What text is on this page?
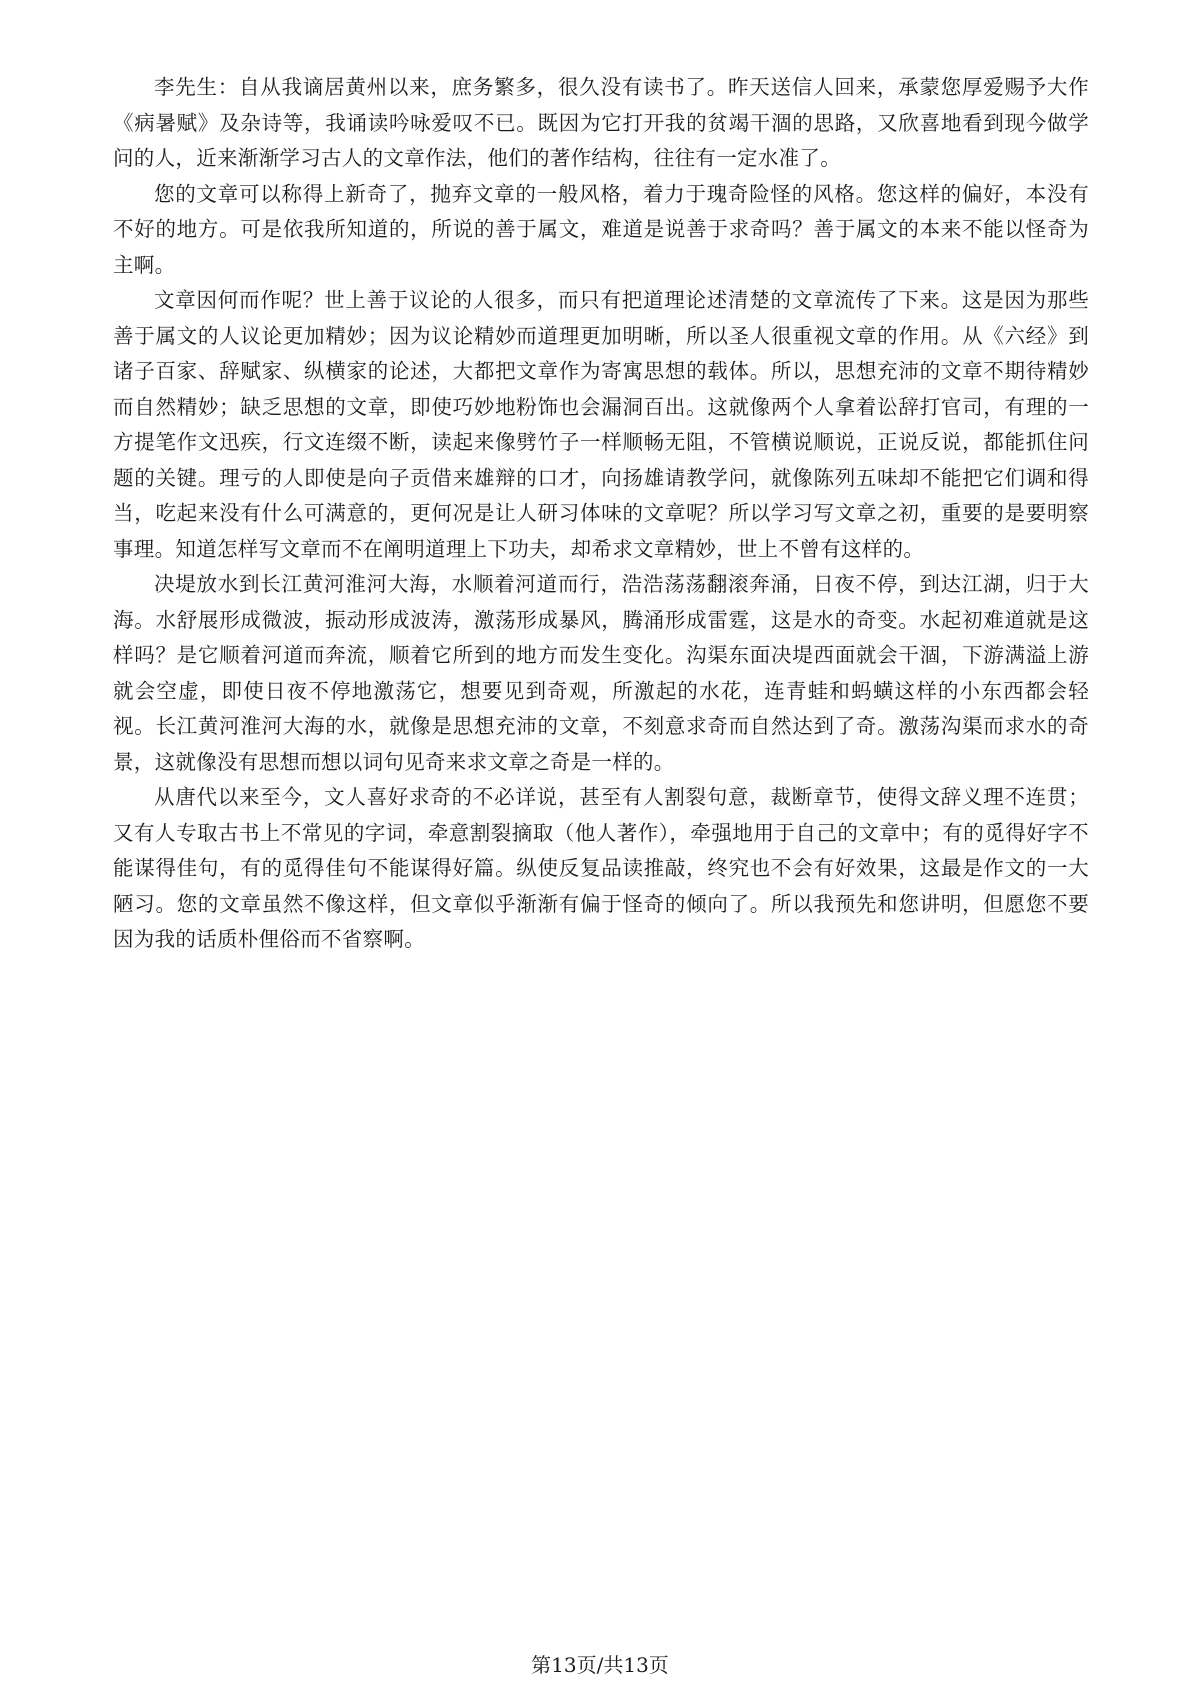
李先生：自从我谪居黄州以来，庶务繁多，很久没有读书了。昨天送信人回来，承蒙您厚爱赐予大作《病暑赋》及杂诗等，我诵读吟咏爱叹不已。既因为它打开我的贫竭干涸的思路，又欣喜地看到现今做学问的人，近来渐渐学习古人的文章作法，他们的著作结构，往往有一定水准了。

您的文章可以称得上新奇了，抛弃文章的一般风格，着力于瑰奇险怪的风格。您这样的偏好，本没有不好的地方。可是依我所知道的，所说的善于属文，难道是说善于求奇吗？善于属文的本来不能以怪奇为主啊。

文章因何而作呢？世上善于议论的人很多，而只有把道理论述清楚的文章流传了下来。这是因为那些善于属文的人议论更加精妙；因为议论精妙而道理更加明晰，所以圣人很重视文章的作用。从《六经》到诸子百家、辞赋家、纵横家的论述，大都把文章作为寄寓思想的载体。所以，思想充沛的文章不期待精妙而自然精妙；缺乏思想的文章，即使巧妙地粉饰也会漏洞百出。这就像两个人拿着讼辞打官司，有理的一方提笔作文迅疾，行文连缀不断，读起来像劈竹子一样顺畅无阻，不管横说顺说，正说反说，都能抓住问题的关键。理亏的人即使是向子贡借来雄辩的口才，向扬雄请教学问，就像陈列五味却不能把它们调和得当，吃起来没有什么可满意的，更何况是让人研习体味的文章呢？所以学习写文章之初，重要的是要明察事理。知道怎样写文章而不在阐明道理上下功夫，却希求文章精妙，世上不曾有这样的。

决堤放水到长江黄河淮河大海，水顺着河道而行，浩浩荡荡翻滚奔涌，日夜不停，到达江湖，归于大海。水舒展形成微波，振动形成波涛，激荡形成暴风，腾涌形成雷霆，这是水的奇变。水起初难道就是这样吗？是它顺着河道而奔流，顺着它所到的地方而发生变化。沟渠东面决堤西面就会干涸，下游满溢上游就会空虚，即使日夜不停地激荡它，想要见到奇观，所激起的水花，连青蛙和蚂蟥这样的小东西都会轻视。长江黄河淮河大海的水，就像是思想充沛的文章，不刻意求奇而自然达到了奇。激荡沟渠而求水的奇景，这就像没有思想而想以词句见奇来求文章之奇是一样的。

从唐代以来至今，文人喜好求奇的不必详说，甚至有人割裂句意，裁断章节，使得文辞义理不连贯；又有人专取古书上不常见的字词，牵意割裂摘取（他人著作），牵强地用于自己的文章中；有的觅得好字不能谋得佳句，有的觅得佳句不能谋得好篇。纵使反复品读推敲，终究也不会有好效果，这最是作文的一大陋习。您的文章虽然不像这样，但文章似乎渐渐有偏于怪奇的倾向了。所以我预先和您讲明，但愿您不要因为我的话质朴俚俗而不省察啊。

第13页/共13页
